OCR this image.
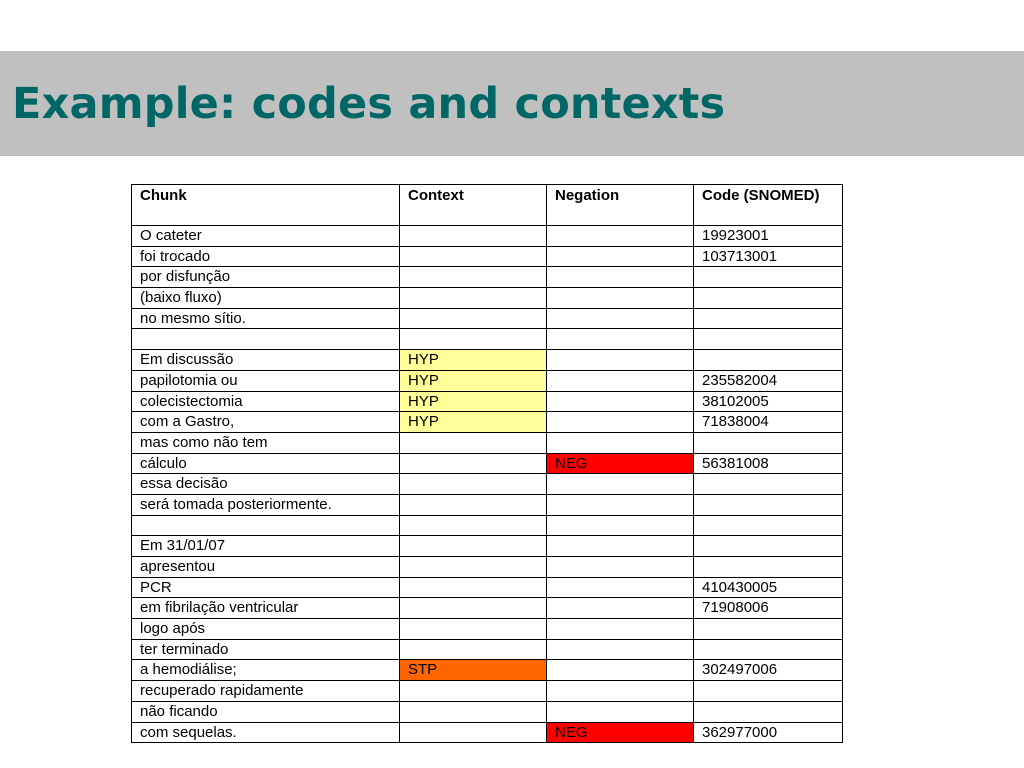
Example: codes and contexts
Chunk	Context	Negation	Code (SNOMED)
O cateter			19923001
foi trocado			103713001
por disfunção			
(baixo fluxo)			
no mesmo sítio.			

Em discussão	HYP		
papilotomia ou	HYP		235582004
colecistectomia	HYP		38102005
com a Gastro,	HYP		71838004
mas como não tem			
cálculo		NEG	56381008
essa decisão			
será tomada posteriormente.			

Em 31/01/07			
apresentou			
PCR			410430005
em fibrilação ventricular			71908006
logo após			
ter terminado			
a hemodiálise;	STP		302497006
recuperado rapidamente			
não ficando			
com sequelas.		NEG	362977000
